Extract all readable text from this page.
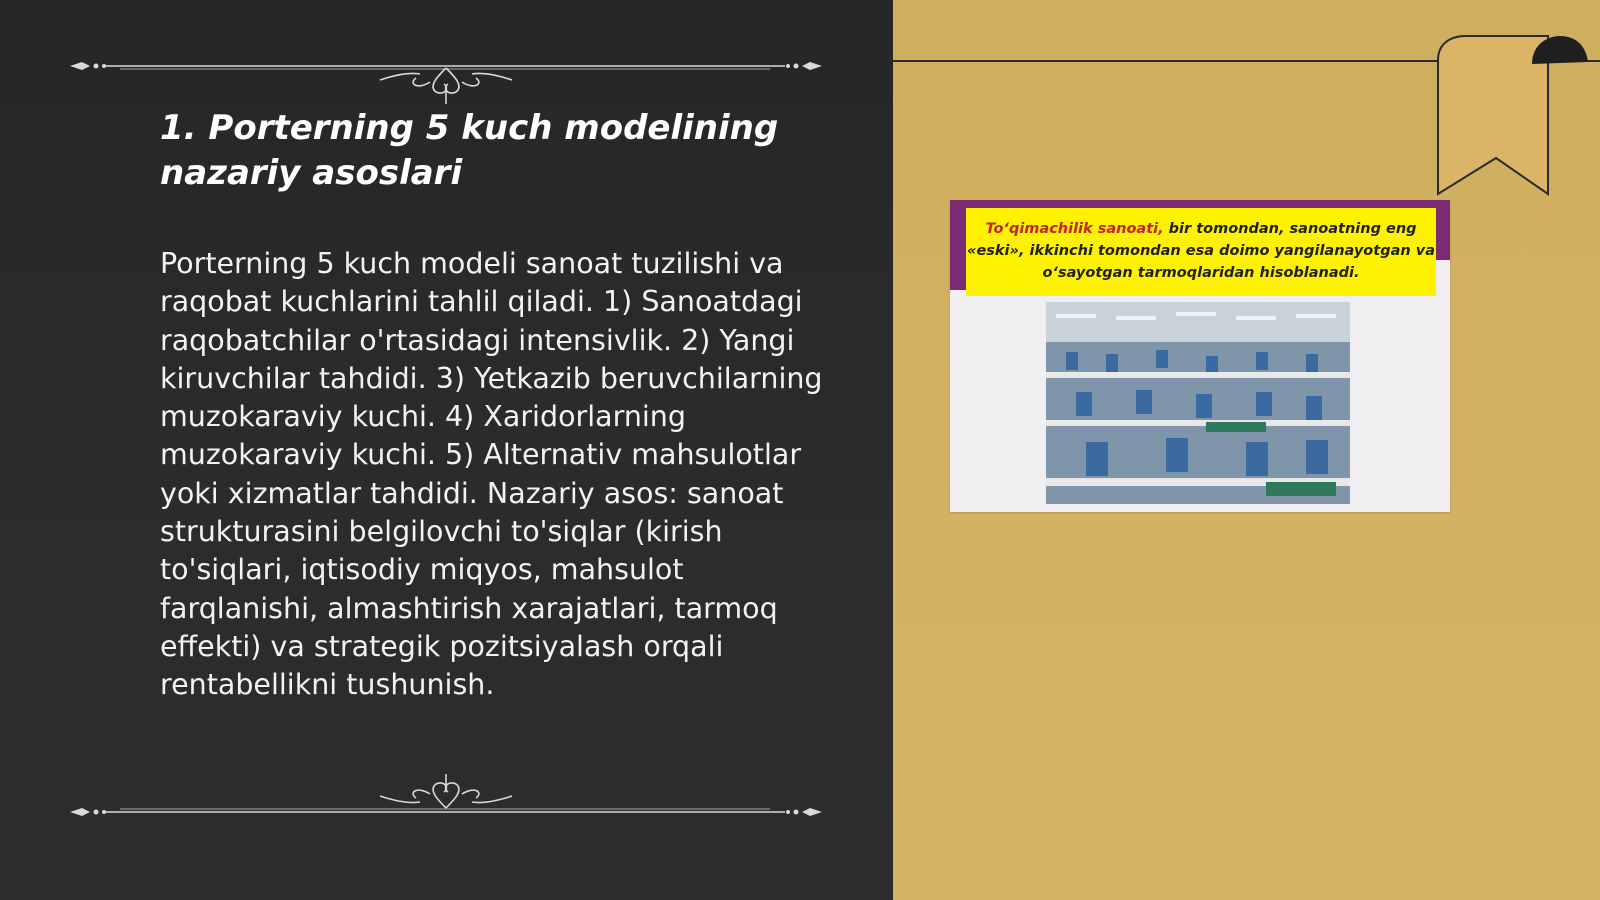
1. Porterning 5 kuch modelining nazariy asoslari

Porterning 5 kuch modeli sanoat tuzilishi va raqobat kuchlarini tahlil qiladi. 1) Sanoatdagi raqobatchilar o'rtasidagi intensivlik. 2) Yangi kiruvchilar tahdidi. 3) Yetkazib beruvchilarning muzokaraviy kuchi. 4) Xaridorlarning muzokaraviy kuchi. 5) Alternativ mahsulotlar yoki xizmatlar tahdidi. Nazariy asos: sanoat strukturasini belgilovchi to'siqlar (kirish to'siqlari, iqtisodiy miqyos, mahsulot farqlanishi, almashtirish xarajatlari, tarmoq effekti) va strategik pozitsiyalash orqali rentabellikni tushunish.

To‘qimachilik sanoati, bir tomondan, sanoatning eng
«eski», ikkinchi tomondan esa doimo yangilanayotgan va
o‘sayotgan tarmoqlaridan hisoblanadi.
